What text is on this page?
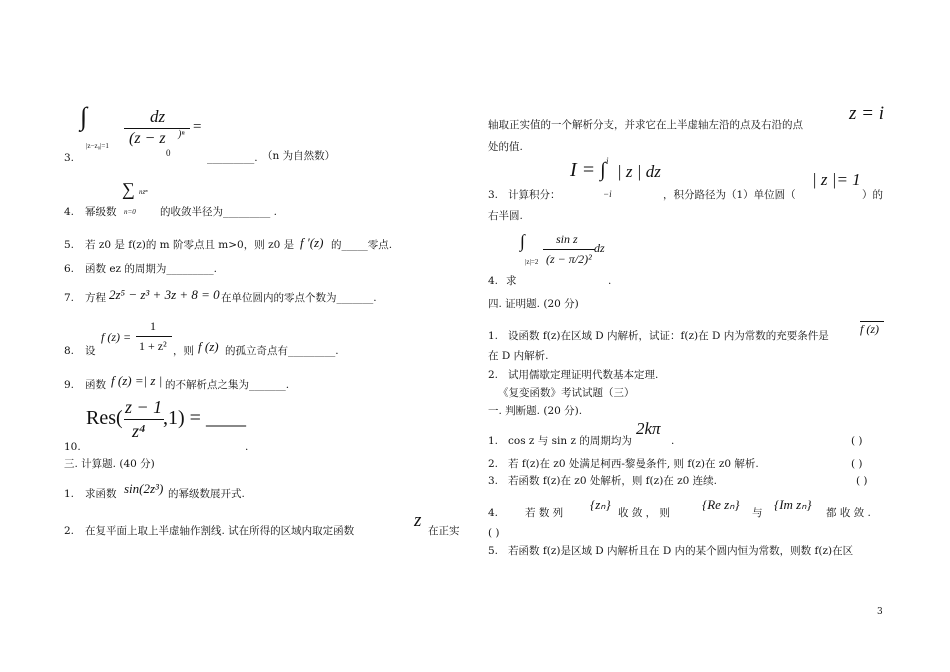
∫
|z−z₀|=1
dz
(z − z )ⁿ
0
=
3.	_________. （n 为自然数）
∑ nzⁿ
n=0
4. 幂级数	的收敛半径为_________ .
5. 若 z0 是 f(z)的 m 阶零点且 m>0，则 z0 是 f ′(z) 的_____零点.
6. 函数 ez 的周期为_________.
7. 方程 2z⁵ − z³ + 3z + 8 = 0 在单位圆内的零点个数为_______.
f (z) =
1
1 + z²
8. 设	，则 f (z) 的孤立奇点有_________.
9. 函数 f (z) =| z | 的不解析点之集为_______.
Res( z − 1
z⁴
,1) = ____
10.	.
三. 计算题. (40 分)
1. 求函数 sin(2z³) 的幂级数展开式.
2. 在复平面上取上半虚轴作割线. 试在所得的区域内取定函数	z 在正实
轴取正实值的一个解析分支，并求它在上半虚轴左沿的点及右沿的点
z = i
处的值.
I = ∫ i
| z | dz
−i
| z |= 1
3. 计算积分：	，积分路径为（1）单位圆（	）的
右半圆.
∫
|z|=2
sin z
(z − π/2)²
dz
4. 求	.
四. 证明题. (20 分)
1. 设函数 f(z)在区域 D 内解析，试证：f(z)在 D 内为常数的充要条件是	f (z)
在 D 内解析.
2. 试用儒歇定理证明代数基本定理.
《复变函数》考试试题（三）
一. 判断题. (20 分).
1. cos z 与 sin z 的周期均为
2kπ
.	( )
2. 若 f(z)在 z0 处满足柯西-黎曼条件, 则 f(z)在 z0 解析.	( )
3. 若函数 f(z)在 z0 处解析，则 f(z)在 z0 连续.	( )
4.	若 数 列
{zₙ}
收 敛 ， 则
{Re zₙ}
与
{Im zₙ}
都 收 敛 .
( )
5. 若函数 f(z)是区域 D 内解析且在 D 内的某个圆内恒为常数，则数 f(z)在区
3
